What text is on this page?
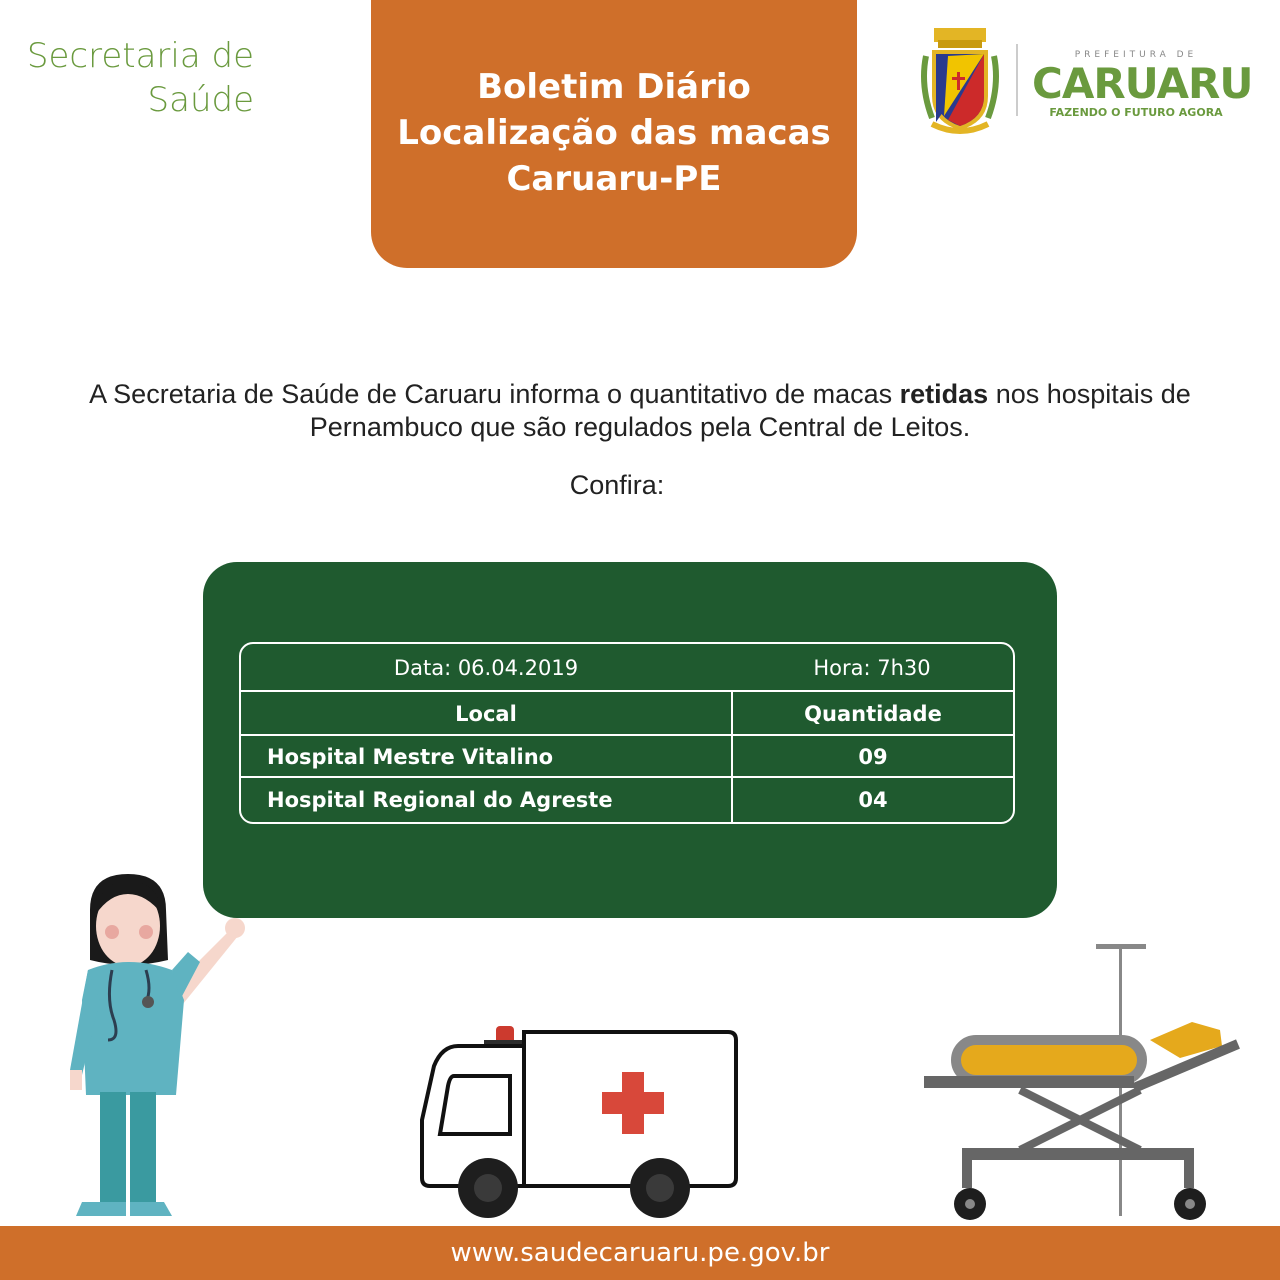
Secretaria de
Saúde	Boletim Diário
Localização das macas
Caruaru-PE
PREFEITURA DE
CARUARU
FAZENDO O FUTURO AGORA
A Secretaria de Saúde de Caruaru informa o quantitativo de macas retidas nos hospitais de Pernambuco que são regulados pela Central de Leitos.
Confira:
Data: 06.04.2019	Hora: 7h30
Local	Quantidade
Hospital Mestre Vitalino	09
Hospital Regional do Agreste	04
www.saudecaruaru.pe.gov.br
